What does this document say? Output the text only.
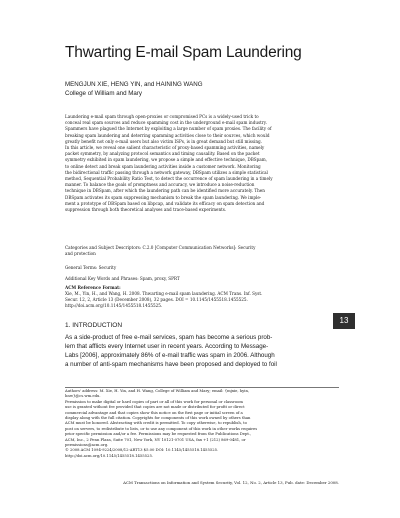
Thwarting E-mail Spam Laundering
MENGJUN XIE, HENG YIN, and HAINING WANG
College of William and Mary
Laundering e-mail spam through open-proxies or compromised PCs is a widely-used trick to
conceal real spam sources and reduce spamming cost in the underground e-mail spam industry.
Spammers have plagued the Internet by exploiting a large number of spam proxies. The facility of
breaking spam laundering and deterring spamming activities close to their sources, which would
greatly benefit not only e-mail users but also victim ISPs, is in great demand but still missing.
In this article, we reveal one salient characteristic of proxy-based spamming activities, namely
packet symmetry, by analyzing protocol semantics and timing causality. Based on the packet
symmetry exhibited in spam laundering, we propose a simple and effective technique, DBSpam,
to online detect and break spam laundering activities inside a customer network. Monitoring
the bidirectional traffic passing through a network gateway, DBSpam utilizes a simple statistical
method, Sequential Probability Ratio Test, to detect the occurrence of spam laundering in a timely
manner. To balance the goals of promptness and accuracy, we introduce a noise-reduction
technique in DBSpam, after which the laundering path can be identified more accurately. Then
DBSpam activates its spam suppressing mechanism to break the spam laundering. We imple-
ment a prototype of DBSpam based on libpcap, and validate its efficacy on spam detection and
suppression through both theoretical analyses and trace-based experiments.
Categories and Subject Descriptors: C.2.0 [Computer Communication Networks]: Security
and protection
General Terms: Security
Additional Key Words and Phrases: Spam, proxy, SPRT
ACM Reference Format:
Xie, M., Yin, H., and Wang, H. 2008. Thwarting e-mail spam laundering. ACM Trans. Inf. Syst.
Secur. 12, 2, Article 13 (December 2008), 32 pages. DOI = 10.1145/1455518.1455525.
http://doi.acm.org/10.1145/1455518.1455525.
1. INTRODUCTION
As a side-product of free e-mail services, spam has become a serious prob-
lem that afflicts every Internet user in recent years. According to Message-
Labs [2006], approximately 86% of e-mail traffic was spam in 2006. Although
a number of anti-spam mechanisms have been proposed and deployed to foil
13
Authors' address: M. Xie, H. Yin, and H. Wang, College of William and Mary; email: {mjxie, hyin,
hnw}@cs.wm.edu.
Permission to make digital or hard copies of part or all of this work for personal or classroom
use is granted without fee provided that copies are not made or distributed for profit or direct
commercial advantage and that copies show this notice on the first page or initial screen of a
display along with the full citation. Copyrights for components of this work owned by others than
ACM must be honored. Abstracting with credit is permitted. To copy otherwise, to republish, to
post on servers, to redistribute to lists, or to use any component of this work in other works requires
prior specific permission and/or a fee. Permissions may be requested from the Publications Dept.,
ACM, Inc., 2 Penn Plaza, Suite 701, New York, NY 10121-0701 USA, fax +1 (212) 869-0481, or
permissions@acm.org.
© 2008 ACM 1094-9224/2008/12-ART13 $5.00 DOI: 10.1145/1455518.1455525.
http://doi.acm.org/10.1145/1455518.1455525.
ACM Transactions on Information and System Security, Vol. 12, No. 2, Article 13, Pub. date: December 2008.
